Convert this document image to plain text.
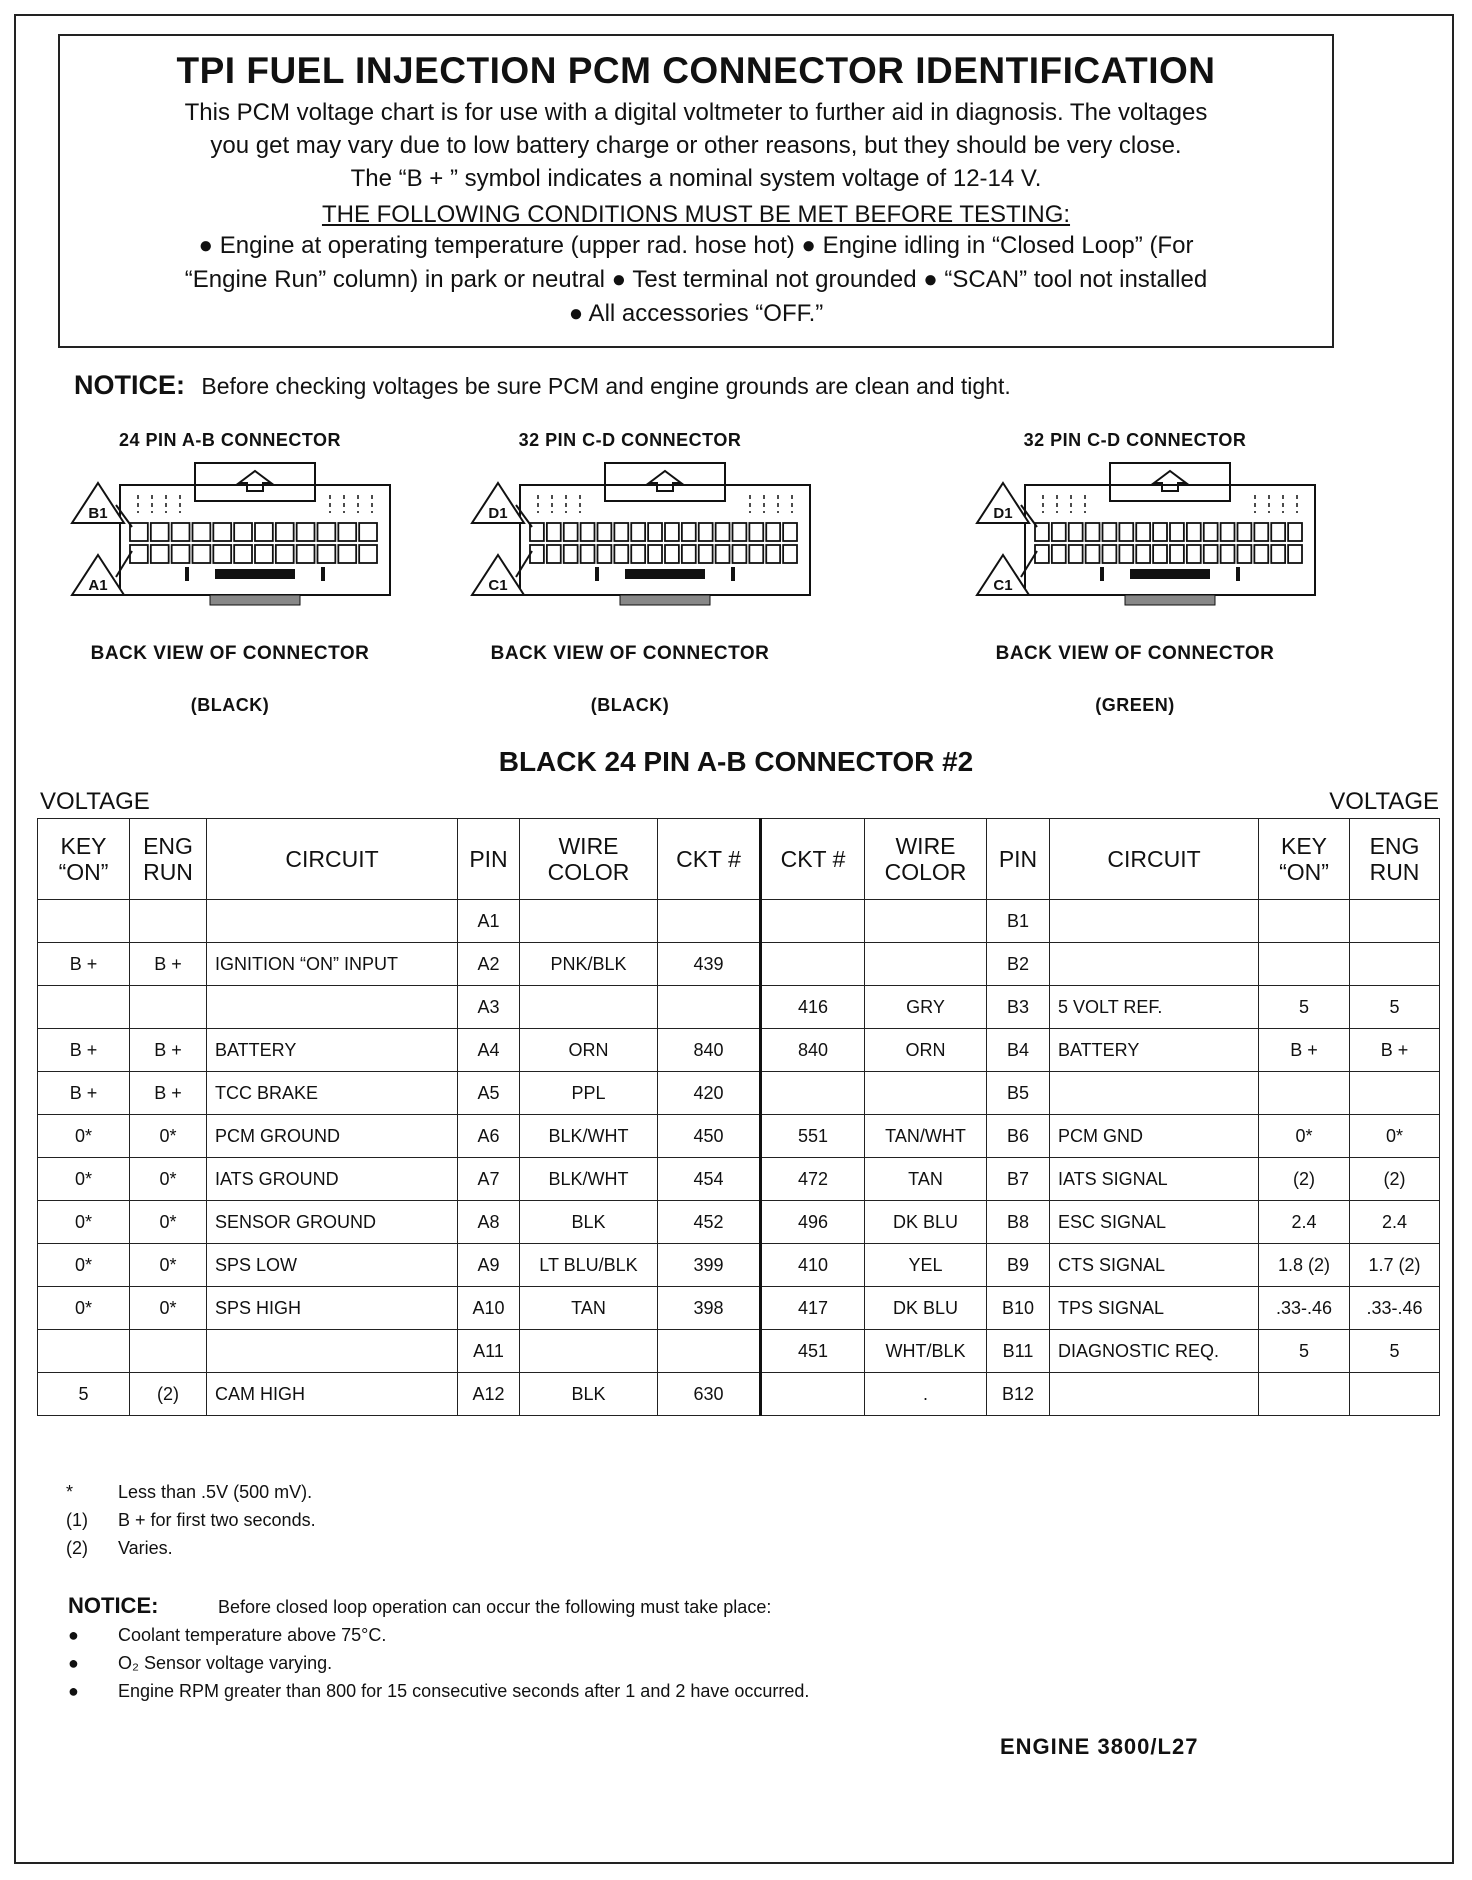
TPI FUEL INJECTION PCM CONNECTOR IDENTIFICATION
This PCM voltage chart is for use with a digital voltmeter to further aid in diagnosis. The voltages
you get may vary due to low battery charge or other reasons, but they should be very close.
The “B + ” symbol indicates a nominal system voltage of 12-14 V.
THE FOLLOWING CONDITIONS MUST BE MET BEFORE TESTING:
● Engine at operating temperature (upper rad. hose hot) ● Engine idling in “Closed Loop” (For
“Engine Run” column) in park or neutral ● Test terminal not grounded ● “SCAN” tool not installed
● All accessories “OFF.”
NOTICE: Before checking voltages be sure PCM and engine grounds are clean and tight.
24 PIN A-B CONNECTOR
B1
A1
BACK VIEW OF CONNECTOR
(BLACK)
32 PIN C-D CONNECTOR
D1
C1
BACK VIEW OF CONNECTOR
(BLACK)
32 PIN C-D CONNECTOR
D1
C1
BACK VIEW OF CONNECTOR
(GREEN)
BLACK 24 PIN A-B CONNECTOR #2
VOLTAGE	VOLTAGE
KEY “ON”	ENG RUN	CIRCUIT	PIN	WIRE COLOR	CKT #	CKT #	WIRE COLOR	PIN	CIRCUIT	KEY “ON”	ENG RUN
			A1					B1			
B +	B +	IGNITION “ON” INPUT	A2	PNK/BLK	439			B2			
			A3			416	GRY	B3	5 VOLT REF.	5	5
B +	B +	BATTERY	A4	ORN	840	840	ORN	B4	BATTERY	B +	B +
B +	B +	TCC BRAKE	A5	PPL	420			B5			
0*	0*	PCM GROUND	A6	BLK/WHT	450	551	TAN/WHT	B6	PCM GND	0*	0*
0*	0*	IATS GROUND	A7	BLK/WHT	454	472	TAN	B7	IATS SIGNAL	(2)	(2)
0*	0*	SENSOR GROUND	A8	BLK	452	496	DK BLU	B8	ESC SIGNAL	2.4	2.4
0*	0*	SPS LOW	A9	LT BLU/BLK	399	410	YEL	B9	CTS SIGNAL	1.8 (2)	1.7 (2)
0*	0*	SPS HIGH	A10	TAN	398	417	DK BLU	B10	TPS SIGNAL	.33-.46	.33-.46
			A11			451	WHT/BLK	B11	DIAGNOSTIC REQ.	5	5
5	(2)	CAM HIGH	A12	BLK	630		.	B12			
* Less than .5V (500 mV).
(1) B + for first two seconds.
(2) Varies.
NOTICE:	Before closed loop operation can occur the following must take place:
● Coolant temperature above 75°C.
● O₂ Sensor voltage varying.
● Engine RPM greater than 800 for 15 consecutive seconds after 1 and 2 have occurred.
ENGINE 3800/L27
